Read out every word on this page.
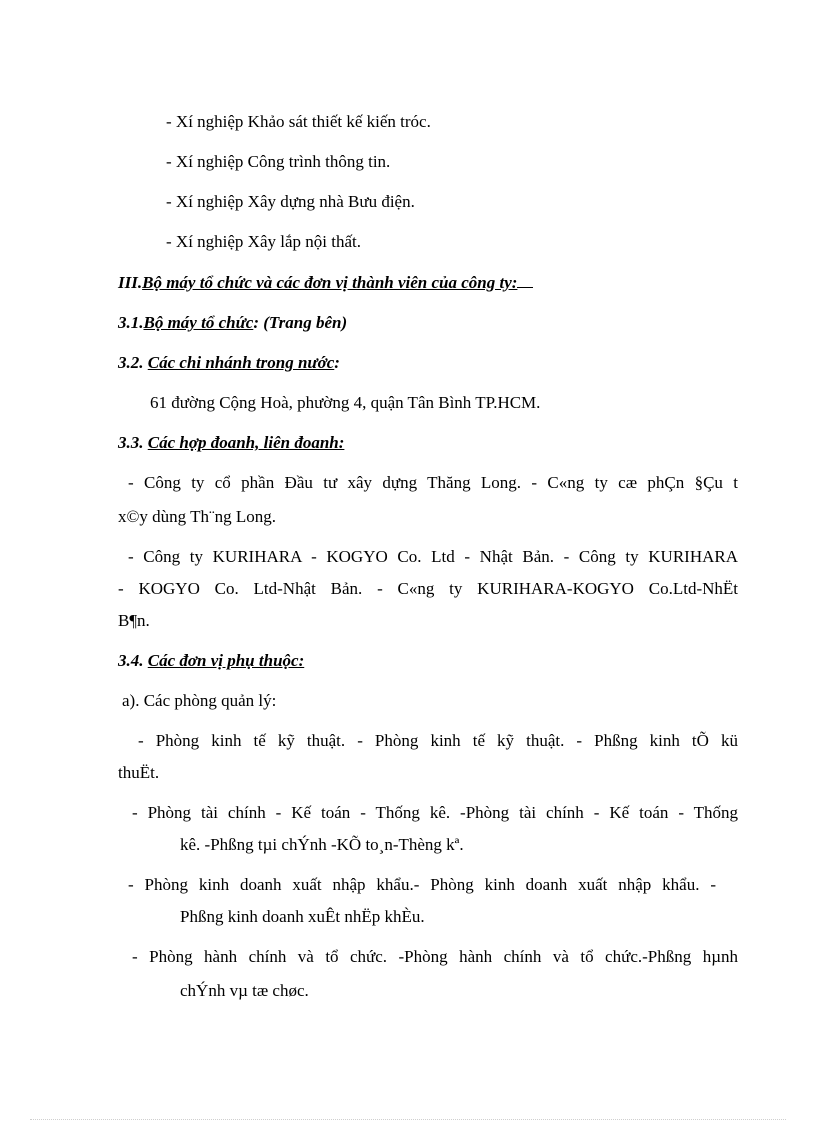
- Xí nghiệp Khảo sát thiết kế kiến tróc.
- Xí nghiệp Công trình thông tin.
- Xí nghiệp Xây dựng nhà Bưu điện.
- Xí nghiệp Xây lắp nội thất.
III.Bộ máy tổ chức và các đơn vị thành viên của công ty:
3.1.Bộ máy tổ chức: (Trang bên)
3.2. Các chi nhánh trong nước:
61 đường Cộng Hoà, phường 4, quận Tân Bình TP.HCM.
3.3. Các hợp đoanh, liên đoanh:
- Công ty cổ phần Đầu tư xây dựng Thăng Long. - C«ng ty cæ phÇn §Çu t
x©y dùng Th¨ng Long.
- Công ty KURIHARA - KOGYO Co. Ltd - Nhật Bản. - Công ty KURIHARA
- KOGYO Co. Ltd-Nhật Bản. - C«ng ty KURIHARA-KOGYO Co.Ltd-NhËt
B¶n.
3.4. Các đơn vị phụ thuộc:
a). Các phòng quản lý:
- Phòng kinh tế kỹ thuật. - Phòng kinh tế kỹ thuật. - Phßng kinh tÕ kü
thuËt.
- Phòng tài chính - Kế toán - Thống kê. -Phòng tài chính - Kế toán - Thống
kê. -Phßng tµi chÝnh -KÕ to¸n-Thèng kª.
- Phòng kinh doanh xuất nhập khẩu.- Phòng kinh doanh xuất nhập khẩu. -
Phßng kinh doanh xuÊt nhËp khÈu.
- Phòng hành chính và tổ chức. -Phòng hành chính và tổ chức.-Phßng hµnh
chÝnh vµ tæ chøc.
